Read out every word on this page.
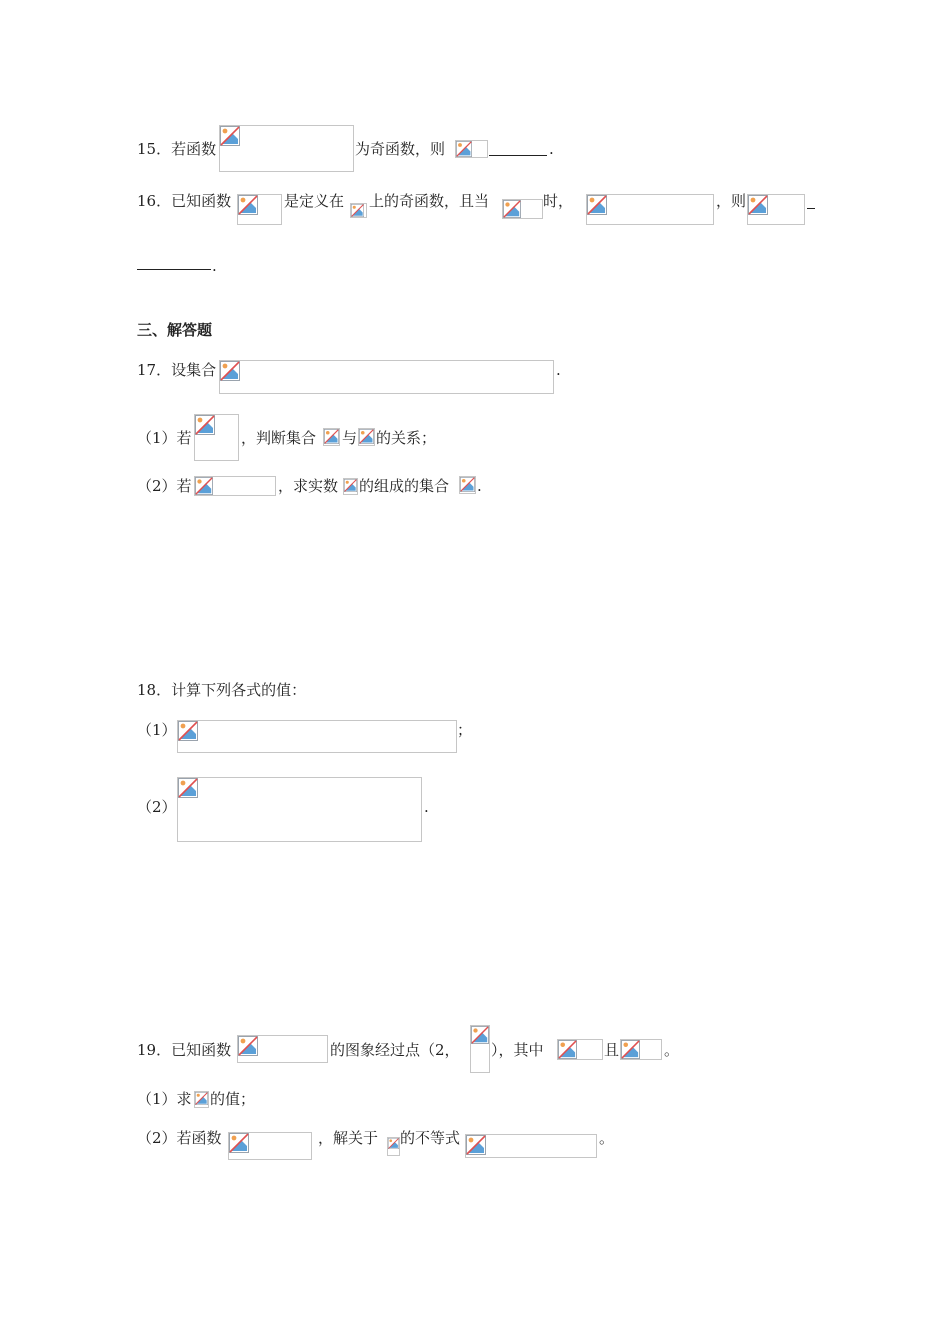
15．若函数	为奇函数，则	.
16．已知函数	是定义在 上的奇函数，且当	时，	，则
.
三、解答题
17．设集合	.
（1）若	，判断集合 与 的关系；
（2）若	，求实数 的组成的集合 .
18．计算下列各式的值：
（1）	；
（2）	.
19．已知函数	的图象经过点（2， ），其中	且	。
（1）求 的值；
（2）若函数	，解关于 的不等式	。
